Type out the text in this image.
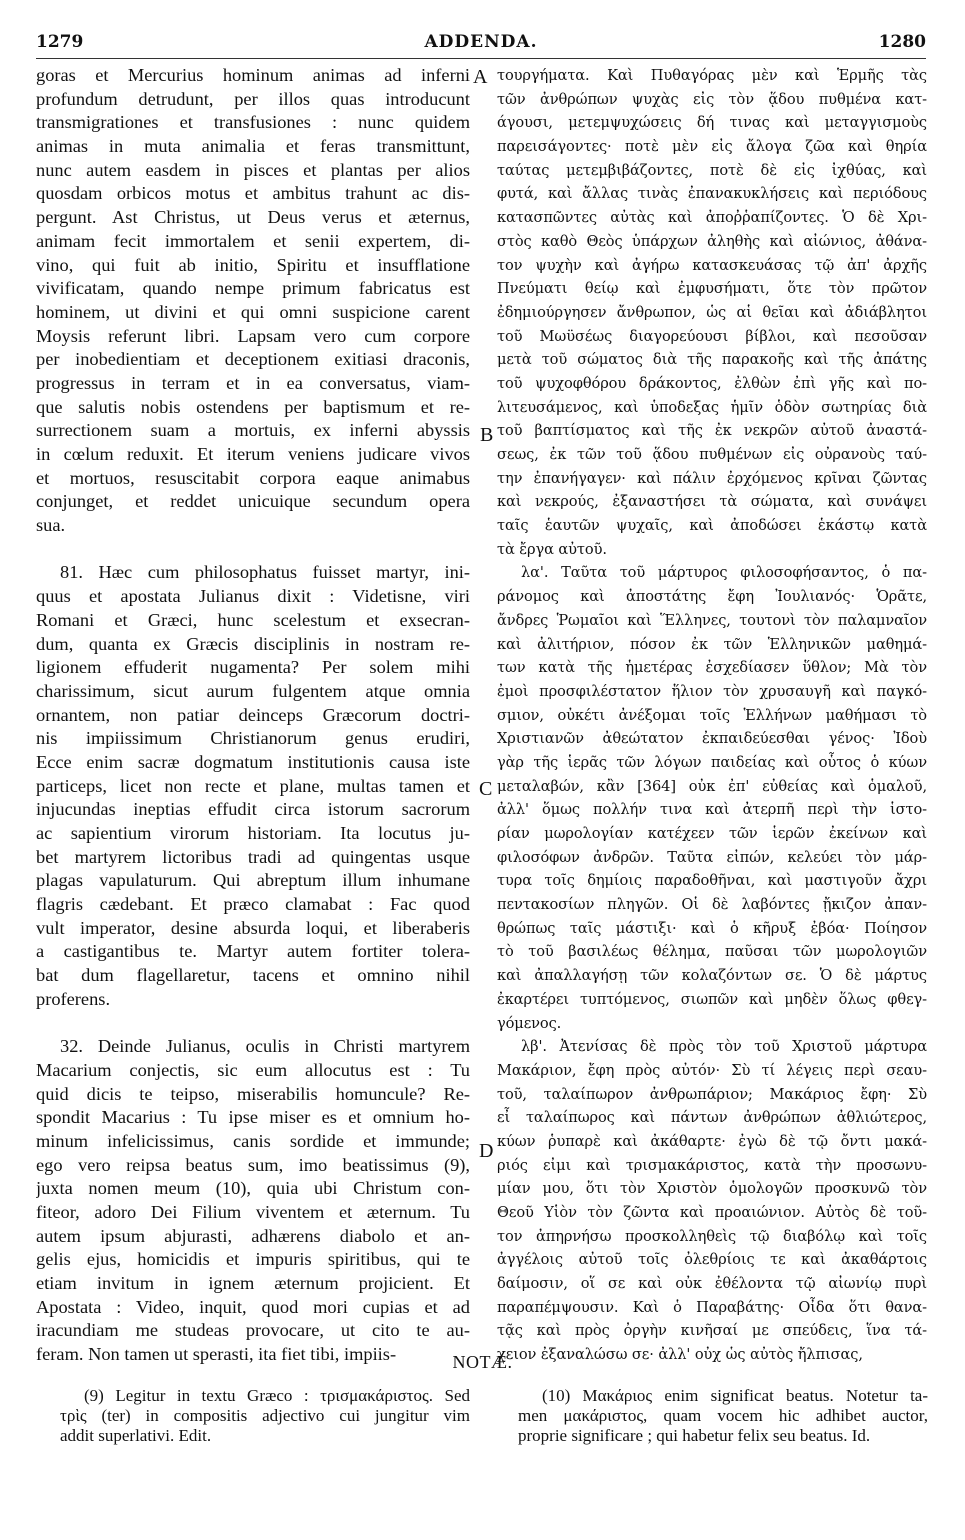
1279	ADDENDA.	1280
goras et Mercurius hominum animas ad inferni
profundum detrudunt, per illos quas introducunt
transmigrationes et transfusiones : nunc quidem
animas in muta animalia et feras transmittunt,
nunc autem easdem in pisces et plantas per alios
quosdam orbicos motus et ambitus trahunt ac dis-
pergunt. Ast Christus, ut Deus verus et æternus,
animam fecit immortalem et senii expertem, di-
vino, qui fuit ab initio, Spiritu et insufflatione
vivificatam, quando nempe primum fabricatus est
hominem, ut divini et qui omni suspicione carent
Moysis referunt libri. Lapsam vero cum corpore
per inobedientiam et deceptionem exitiasi draconis,
progressus in terram et in ea conversatus, viam-
que salutis nobis ostendens per baptismum et re-
surrectionem suam a mortuis, ex inferni abyssis
in cœlum reduxit. Et iterum veniens judicare vivos
et mortuos, resuscitabit corpora eaque animabus
conjunget, et reddet unicuique secundum opera
sua.
81. Hæc cum philosophatus fuisset martyr, ini-
quus et apostata Julianus dixit : Videtisne, viri
Romani et Græci, hunc scelestum et exsecran-
dum, quanta ex Græcis disciplinis in nostram re-
ligionem effuderit nugamenta? Per solem mihi
charissimum, sicut aurum fulgentem atque omnia
ornantem, non patiar deinceps Græcorum doctri-
nis impiissimum Christianorum genus erudiri,
Ecce enim sacræ dogmatum institutionis causa iste
particeps, licet non recte et plane, multas tamen et
injucundas ineptias effudit circa istorum sacrorum
ac sapientium virorum historiam. Ita locutus ju-
bet martyrem lictoribus tradi ad quingentas usque
plagas vapulaturum. Qui abreptum illum inhumane
flagris cædebant. Et præco clamabat : Fac quod
vult imperator, desine absurda loqui, et liberaberis
a castigantibus te. Martyr autem fortiter tolera-
bat dum flagellaretur, tacens et omnino nihil
proferens.
32. Deinde Julianus, oculis in Christi martyrem
Macarium conjectis, sic eum allocutus est : Tu
quid dicis te teipso, miserabilis homuncule? Re-
spondit Macarius : Tu ipse miser es et omnium ho-
minum infelicissimus, canis sordide et immunde;
ego vero reipsa beatus sum, imo beatissimus (9),
juxta nomen meum (10), quia ubi Christum con-
fiteor, adoro Dei Filium viventem et æternum. Tu
autem ipsum abjurasti, adhærens diabolo et an-
gelis ejus, homicidis et impuris spiritibus, qui te
etiam invitum in ignem æternum projicient. Et
Apostata : Video, inquit, quod mori cupias et ad
iracundiam me studeas provocare, ut cito te au-
feram. Non tamen ut sperasti, ita fiet tibi, impiis-
τουργήματα. Καὶ Πυθαγόρας μὲν καὶ Ἑρμῆς τὰς
τῶν ἀνθρώπων ψυχὰς εἰς τὸν ᾅδου πυθμένα κατ-
άγουσι, μετεμψυχώσεις δή τινας καὶ μεταγγισμοὺς
παρεισάγοντες· ποτὲ μὲν εἰς ἄλογα ζῶα καὶ θηρία
ταύτας μετεμβιβάζοντες, ποτὲ δὲ εἰς ἰχθύας, καὶ
φυτά, καὶ ἄλλας τινὰς ἐπανακυκλήσεις καὶ περιόδους
κατασπῶντες αὐτὰς καὶ ἀποῤῥαπίζοντες. Ὁ δὲ Χρι-
στὸς καθὸ Θεὸς ὑπάρχων ἀληθὴς καὶ αἰώνιος, ἀθάνα-
τον ψυχὴν καὶ ἀγήρω κατασκευάσας τῷ ἀπ' ἀρχῆς
Πνεύματι θείῳ καὶ ἐμφυσήματι, ὅτε τὸν πρῶτον
ἐδημιούργησεν ἄνθρωπον, ὡς αἱ θεῖαι καὶ ἀδιάβλητοι
τοῦ Μωϋσέως διαγορεύουσι βίβλοι, καὶ πεσοῦσαν
μετὰ τοῦ σώματος διὰ τῆς παρακοῆς καὶ τῆς ἀπάτης
τοῦ ψυχοφθόρου δράκοντος, ἐλθὼν ἐπὶ γῆς καὶ πο-
λιτευσάμενος, καὶ ὑποδεξας ἡμῖν ὁδὸν σωτηρίας διὰ
τοῦ βαπτίσματος καὶ τῆς ἐκ νεκρῶν αὐτοῦ ἀναστά-
σεως, ἐκ τῶν τοῦ ᾅδου πυθμένων εἰς οὐρανοὺς ταύ-
την ἐπανήγαγεν· καὶ πάλιν ἐρχόμενος κρῖναι ζῶντας
καὶ νεκρούς, ἐξαναστήσει τὰ σώματα, καὶ συνάψει
ταῖς ἑαυτῶν ψυχαῖς, καὶ ἀποδώσει ἑκάστῳ κατὰ
τὰ ἔργα αὐτοῦ.
λα'. Ταῦτα τοῦ μάρτυρος φιλοσοφήσαντος, ὁ πα-
ράνομος καὶ ἀποστάτης ἔφη Ἰουλιανός· Ὁρᾶτε,
ἄνδρες Ῥωμαῖοι καὶ Ἕλληνες, τουτονὶ τὸν παλαμναῖον
καὶ ἀλιτήριον, πόσον ἐκ τῶν Ἑλληνικῶν μαθημά-
των κατὰ τῆς ἡμετέρας ἐσχεδίασεν ὕθλον; Μὰ τὸν
ἐμοὶ προσφιλέστατον ἥλιον τὸν χρυσαυγῆ καὶ παγκό-
σμιον, οὐκέτι ἀνέξομαι τοῖς Ἑλλήνων μαθήμασι τὸ
Χριστιανῶν ἀθεώτατον ἐκπαιδεύεσθαι γένος· Ἰδοὺ
γὰρ τῆς ἱερᾶς τῶν λόγων παιδείας καὶ οὗτος ὁ κύων
μεταλαβών, κἂν [364] οὐκ ἐπ' εὐθείας καὶ ὁμαλοῦ,
ἀλλ' ὅμως πολλήν τινα καὶ ἀτερπῆ περὶ τὴν ἱστο-
ρίαν μωρολογίαν κατέχεεν τῶν ἱερῶν ἐκείνων καὶ
φιλοσόφων ἀνδρῶν. Ταῦτα εἰπών, κελεύει τὸν μάρ-
τυρα τοῖς δημίοις παραδοθῆναι, καὶ μαστιγοῦν ἄχρι
πεντακοσίων πληγῶν. Οἱ δὲ λαβόντες ᾔκιζον ἀπαν-
θρώπως ταῖς μάστιξι· καὶ ὁ κῆρυξ ἐβόα· Ποίησον
τὸ τοῦ βασιλέως θέλημα, παῦσαι τῶν μωρολογιῶν
καὶ ἀπαλλαγήσῃ τῶν κολαζόντων σε. Ὁ δὲ μάρτυς
ἐκαρτέρει τυπτόμενος, σιωπῶν καὶ μηδὲν ὅλως φθεγ-
γόμενος.
λβ'. Ἀτενίσας δὲ πρὸς τὸν τοῦ Χριστοῦ μάρτυρα
Μακάριον, ἔφη πρὸς αὐτόν· Σὺ τί λέγεις περὶ σεαυ-
τοῦ, ταλαίπωρον ἀνθρωπάριον; Μακάριος ἔφη· Σὺ
εἶ ταλαίπωρος καὶ πάντων ἀνθρώπων ἀθλιώτερος,
κύων ῥυπαρὲ καὶ ἀκάθαρτε· ἐγὼ δὲ τῷ ὄντι μακά-
ριός εἰμι καὶ τρισμακάριστος, κατὰ τὴν προσωνυ-
μίαν μου, ὅτι τὸν Χριστὸν ὁμολογῶν προσκυνῶ τὸν
Θεοῦ Υἱὸν τὸν ζῶντα καὶ προαιώνιον. Αὐτὸς δὲ τοῦ-
τον ἀπηρνήσω προσκολληθεὶς τῷ διαβόλῳ καὶ τοῖς
ἀγγέλοις αὐτοῦ τοῖς ὀλεθρίοις τε καὶ ἀκαθάρτοις
δαίμοσιν, οἵ σε καὶ οὐκ ἐθέλοντα τῷ αἰωνίῳ πυρὶ
παραπέμψουσιν. Καὶ ὁ Παραβάτης· Οἶδα ὅτι θανα-
τᾷς καὶ πρὸς ὀργὴν κινῆσαί με σπεύδεις, ἵνα τά-
χειον ἐξαναλώσω σε· ἀλλ' οὐχ ὡς αὐτὸς ἤλπισας,
A
B
C
D
NOTÆ.
(9) Legitur in textu Græco : τρισμακάριστος. Sed
τρὶς (ter) in compositis adjectivo cui jungitur vim
addit superlativi. Edit.
(10) Μακάριος enim significat beatus. Notetur ta-
men μακάριστος, quam vocem hic adhibet auctor,
proprie significare ; qui habetur felix seu beatus. Id.
